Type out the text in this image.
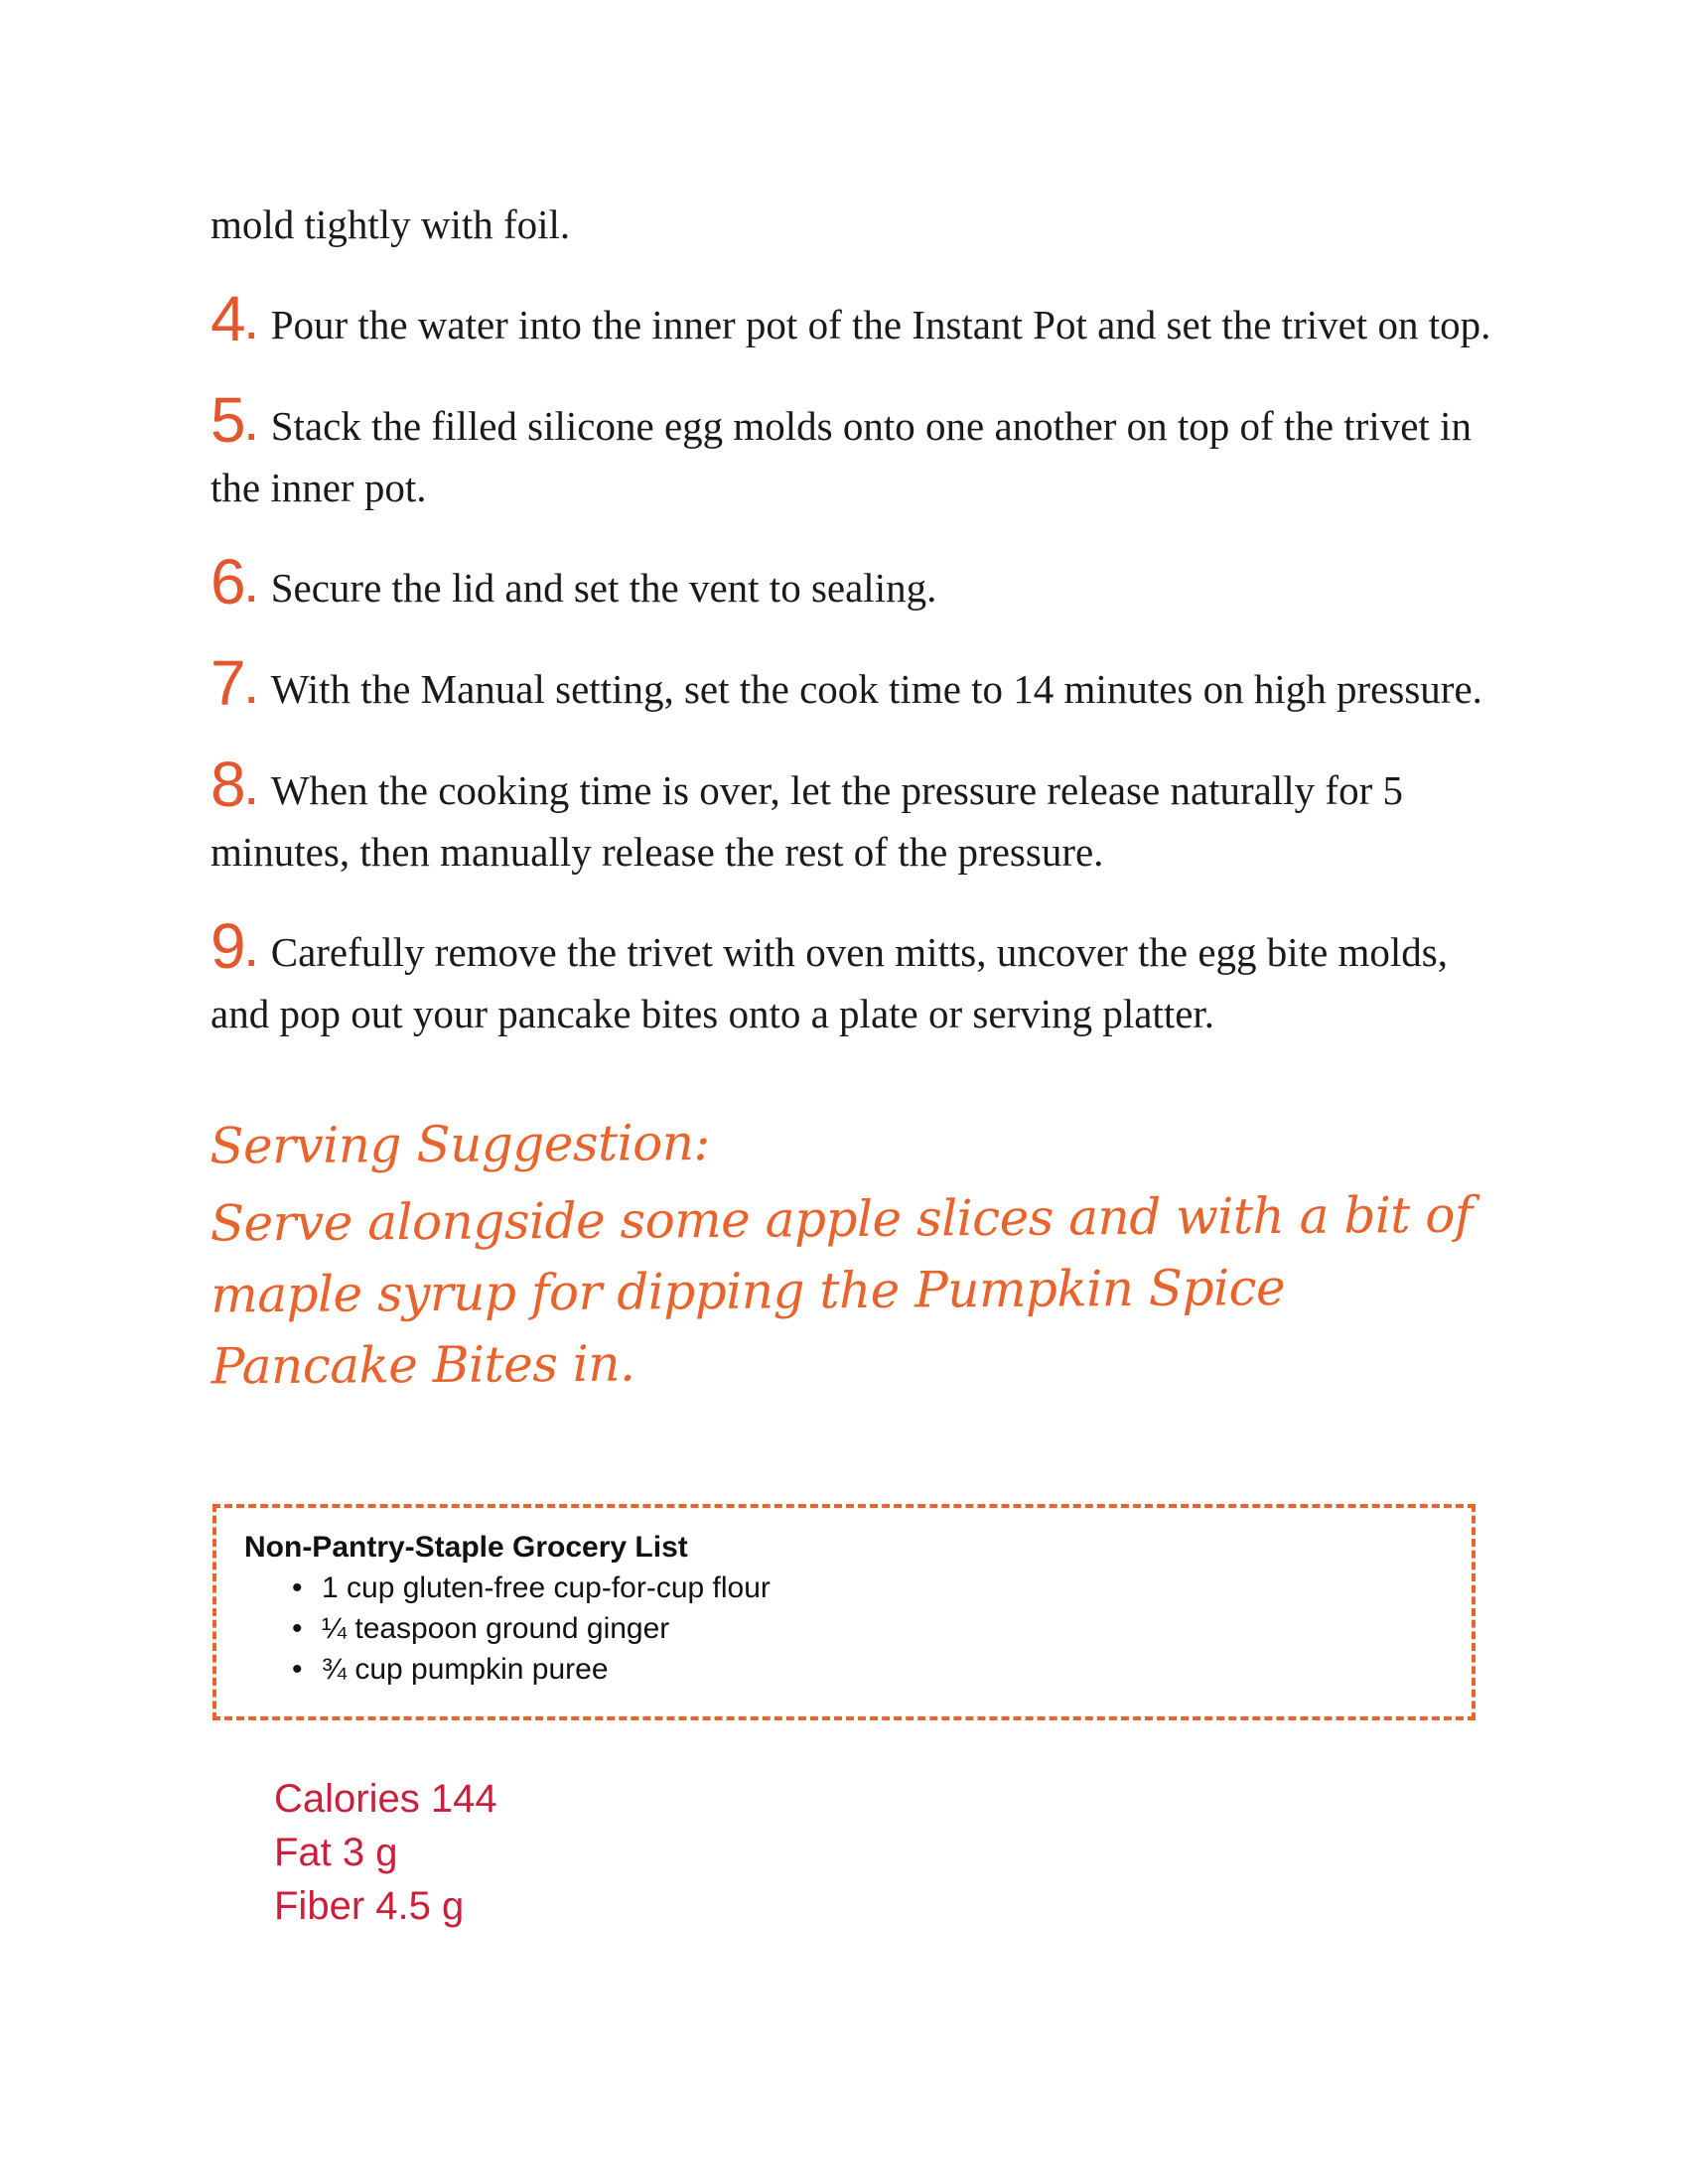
mold tightly with foil.

4. Pour the water into the inner pot of the Instant Pot and set the trivet on top.

5. Stack the filled silicone egg molds onto one another on top of the trivet in the inner pot.

6. Secure the lid and set the vent to sealing.

7. With the Manual setting, set the cook time to 14 minutes on high pressure.

8. When the cooking time is over, let the pressure release naturally for 5 minutes, then manually release the rest of the pressure.

9. Carefully remove the trivet with oven mitts, uncover the egg bite molds, and pop out your pancake bites onto a plate or serving platter.

Serving Suggestion:
Serve alongside some apple slices and with a bit of maple syrup for dipping the Pumpkin Spice Pancake Bites in.

Non-Pantry-Staple Grocery List

• 1 cup gluten-free cup-for-cup flour
• ¼ teaspoon ground ginger
• ¾ cup pumpkin puree
Calories 144
Fat 3 g
Fiber 4.5 g
